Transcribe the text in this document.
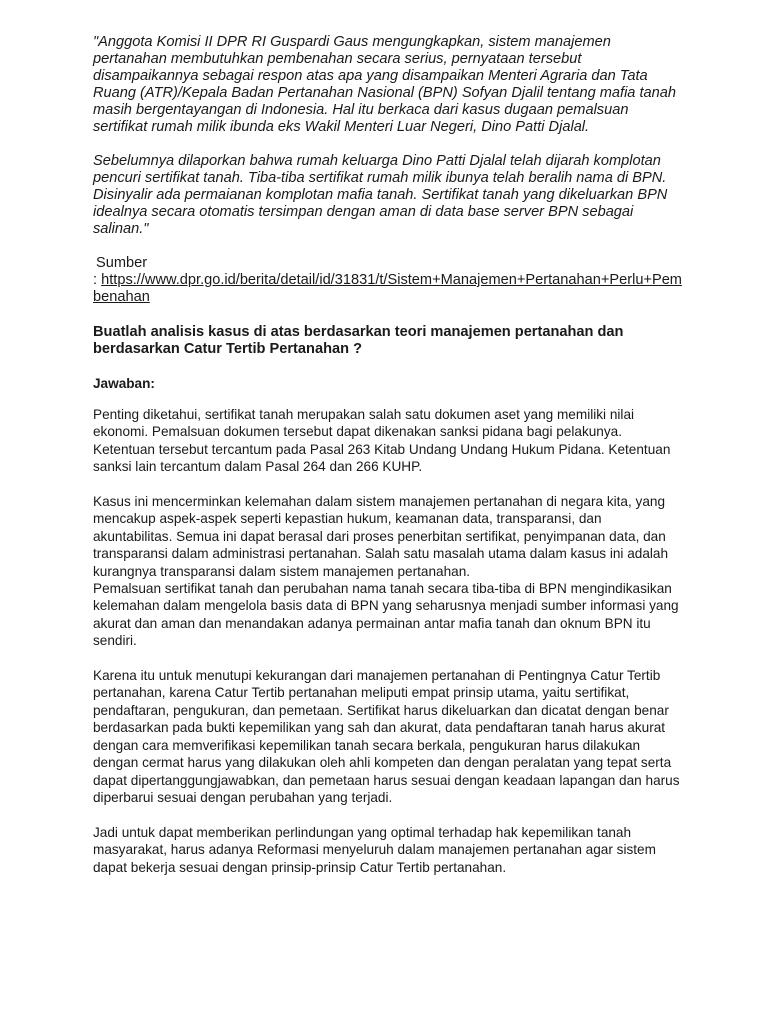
"Anggota Komisi II DPR RI Guspardi Gaus mengungkapkan, sistem manajemen pertanahan membutuhkan pembenahan secara serius, pernyataan tersebut disampaikannya sebagai respon atas apa yang disampaikan Menteri Agraria dan Tata Ruang (ATR)/Kepala Badan Pertanahan Nasional (BPN) Sofyan Djalil tentang mafia tanah masih bergentayangan di Indonesia. Hal itu berkaca dari kasus dugaan pemalsuan sertifikat rumah milik ibunda eks Wakil Menteri Luar Negeri, Dino Patti Djalal.

Sebelumnya dilaporkan bahwa rumah keluarga Dino Patti Djalal telah dijarah komplotan pencuri sertifikat tanah. Tiba-tiba sertifikat rumah milik ibunya telah beralih nama di BPN. Disinyalir ada permaianan komplotan mafia tanah. Sertifikat tanah yang dikeluarkan BPN idealnya secara otomatis tersimpan dengan aman di data base server BPN sebagai salinan."

Sumber
: https://www.dpr.go.id/berita/detail/id/31831/t/Sistem+Manajemen+Pertanahan+Perlu+Pembenahan
Buatlah analisis kasus di atas berdasarkan teori manajemen pertanahan dan berdasarkan Catur Tertib Pertanahan ?
Jawaban:

Penting diketahui, sertifikat tanah merupakan salah satu dokumen aset yang memiliki nilai ekonomi. Pemalsuan dokumen tersebut dapat dikenakan sanksi pidana bagi pelakunya. Ketentuan tersebut tercantum pada Pasal 263 Kitab Undang Undang Hukum Pidana. Ketentuan sanksi lain tercantum dalam Pasal 264 dan 266 KUHP.

Kasus ini mencerminkan kelemahan dalam sistem manajemen pertanahan di negara kita, yang mencakup aspek-aspek seperti kepastian hukum, keamanan data, transparansi, dan akuntabilitas. Semua ini dapat berasal dari proses penerbitan sertifikat, penyimpanan data, dan transparansi dalam administrasi pertanahan. Salah satu masalah utama dalam kasus ini adalah kurangnya transparansi dalam sistem manajemen pertanahan.

Pemalsuan sertifikat tanah dan perubahan nama tanah secara tiba-tiba di BPN mengindikasikan kelemahan dalam mengelola basis data di BPN yang seharusnya menjadi sumber informasi yang akurat dan aman dan menandakan adanya permainan antar mafia tanah dan oknum BPN itu sendiri.

Karena itu untuk menutupi kekurangan dari manajemen pertanahan di Pentingnya Catur Tertib pertanahan, karena Catur Tertib pertanahan meliputi empat prinsip utama, yaitu sertifikat, pendaftaran, pengukuran, dan pemetaan. Sertifikat harus dikeluarkan dan dicatat dengan benar berdasarkan pada bukti kepemilikan yang sah dan akurat, data pendaftaran tanah harus akurat dengan cara memverifikasi kepemilikan tanah secara berkala, pengukuran harus dilakukan dengan cermat harus yang dilakukan oleh ahli kompeten dan dengan peralatan yang tepat serta dapat dipertanggungjawabkan, dan pemetaan harus sesuai dengan keadaan lapangan dan harus diperbarui sesuai dengan perubahan yang terjadi.

Jadi untuk dapat memberikan perlindungan yang optimal terhadap hak kepemilikan tanah masyarakat, harus adanya Reformasi menyeluruh dalam manajemen pertanahan agar sistem dapat bekerja sesuai dengan prinsip-prinsip Catur Tertib pertanahan.
